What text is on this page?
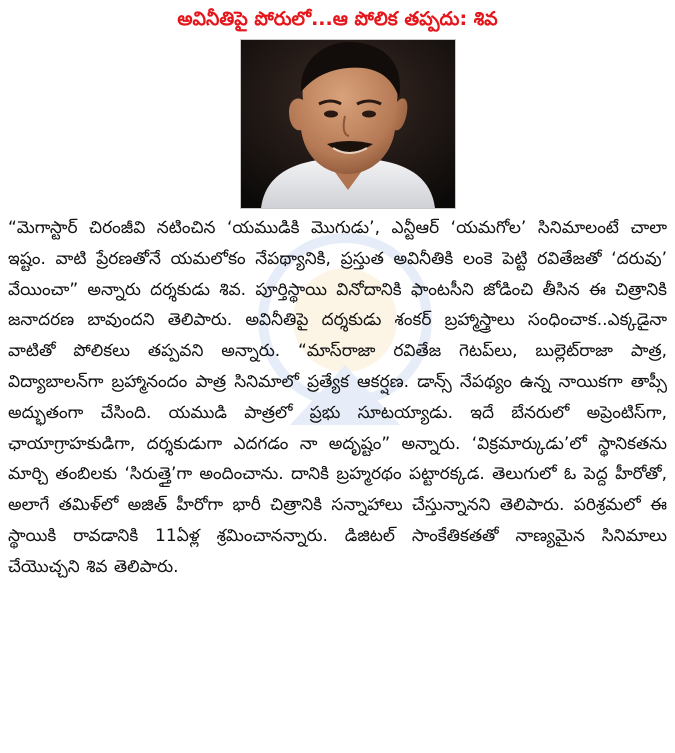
అవినీతిపై పోరులో...ఆ పోలిక తప్పదు: శివ

“మెగాస్టార్ చిరంజీవి నటించిన ‘యముడికి మొగుడు’, ఎన్టీఆర్ ‘యమగోల’ సినిమాలంటే చాలా ఇష్టం. వాటి ప్రేరణతోనే యమలోకం నేపథ్యానికి, ప్రస్తుత అవినీతికి లంకె పెట్టి రవితేజతో ‘దరువు’ వేయించా” అన్నారు దర్శకుడు శివ. పూర్తిస్థాయి వినోదానికి ఫాంటసీని జోడించి తీసిన ఈ చిత్రానికి జనాదరణ బావుందని తెలిపారు. అవినీతిపై దర్శకుడు శంకర్ బ్రహ్మాస్త్రాలు సంధించాక..ఎక్కడైనా వాటితో పోలికలు తప్పవని అన్నారు. “మాస్‌రాజా రవితేజ గెటప్‌లు, బుల్లెట్‌రాజా పాత్ర, విద్యాబాలన్‌గా బ్రహ్మానందం పాత్ర సినిమాలో ప్రత్యేక ఆకర్షణ. డాన్స్ నేపథ్యం ఉన్న నాయికగా తాప్సీ అద్భుతంగా చేసింది. యముడి పాత్రలో ప్రభు సూటయ్యాడు. ఇదే బేనరులో అప్రెంటిస్‌గా, ఛాయాగ్రాహకుడిగా, దర్శకుడుగా ఎదగడం నా అదృష్టం” అన్నారు. ‘విక్రమార్కుడు’లో స్థానికతను మార్చి తంబిలకు ‘సిరుత్తై’గా అందించాను. దానికి బ్రహ్మరథం పట్టారక్కడ. తెలుగులో ఓ పెద్ద హీరోతో, అలాగే తమిళ్‌లో అజిత్ హీరోగా భారీ చిత్రానికి సన్నాహాలు చేస్తున్నానని తెలిపారు. పరిశ్రమలో ఈ స్థాయికి రావడానికి 11ఏళ్ల శ్రమించానన్నారు. డిజిటల్ సాంకేతికతతో నాణ్యమైన సినిమాలు చేయొచ్చని శివ తెలిపారు.
